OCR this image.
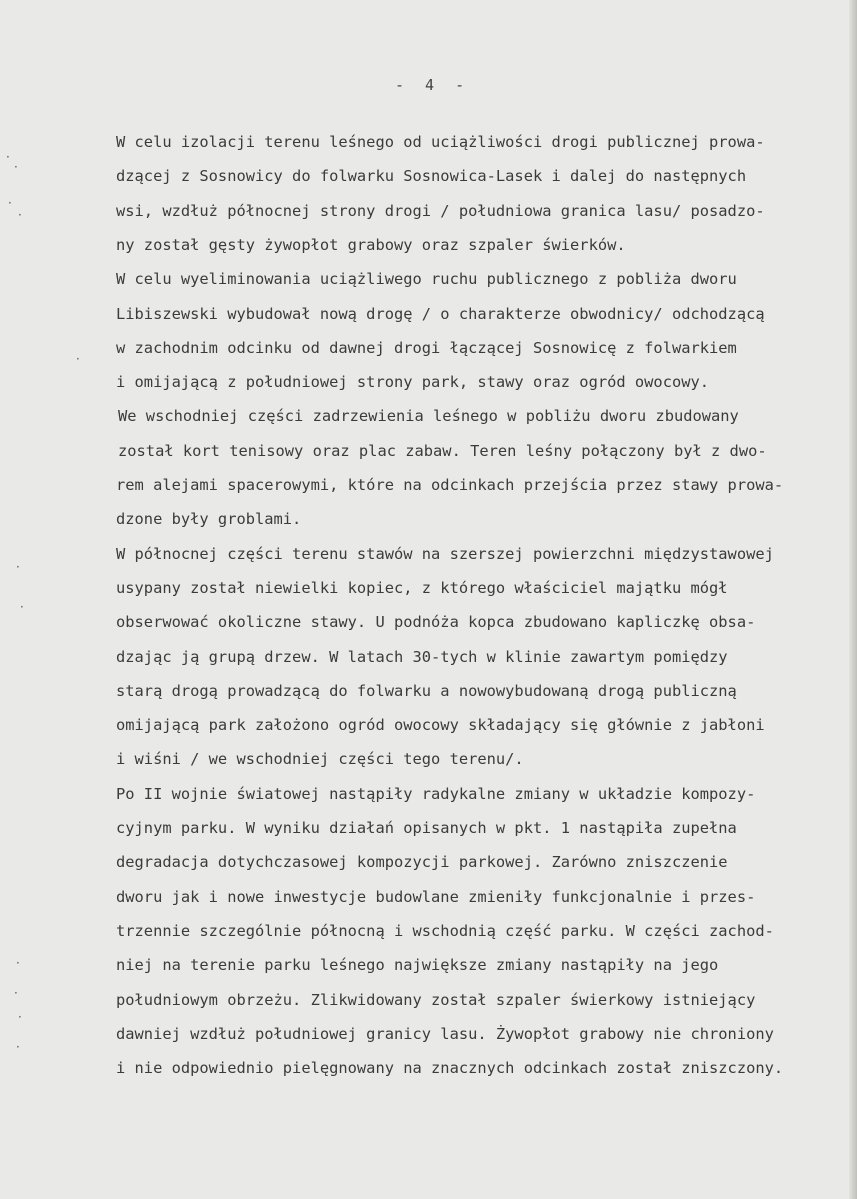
- 4 -
W celu izolacji terenu leśnego od uciążliwości drogi publicznej prowa-
dzącej z Sosnowicy do folwarku Sosnowica-Lasek i dalej do następnych
wsi, wzdłuż północnej strony drogi / południowa granica lasu/ posadzo-
ny został gęsty żywopłot grabowy oraz szpaler świerków.
W celu wyeliminowania uciążliwego ruchu publicznego z pobliża dworu
Libiszewski wybudował nową drogę / o charakterze obwodnicy/ odchodzącą
w zachodnim odcinku od dawnej drogi łączącej Sosnowicę z folwarkiem
i omijającą z południowej strony park, stawy oraz ogród owocowy.
We wschodniej części zadrzewienia leśnego w pobliżu dworu zbudowany
został kort tenisowy oraz plac zabaw. Teren leśny połączony był z dwo-
rem alejami spacerowymi, które na odcinkach przejścia przez stawy prowa-
dzone były groblami.
W północnej części terenu stawów na szerszej powierzchni międzystawowej
usypany został niewielki kopiec, z którego właściciel majątku mógł
obserwować okoliczne stawy. U podnóża kopca zbudowano kapliczkę obsa-
dzając ją grupą drzew. W latach 30-tych w klinie zawartym pomiędzy
starą drogą prowadzącą do folwarku a nowowybudowaną drogą publiczną
omijającą park założono ogród owocowy składający się głównie z jabłoni
i wiśni / we wschodniej części tego terenu/.
Po II wojnie światowej nastąpiły radykalne zmiany w układzie kompozy-
cyjnym parku. W wyniku działań opisanych w pkt. 1 nastąpiła zupełna
degradacja dotychczasowej kompozycji parkowej. Zarówno zniszczenie
dworu jak i nowe inwestycje budowlane zmieniły funkcjonalnie i przes-
trzennie szczególnie północną i wschodnią część parku. W części zachod-
niej na terenie parku leśnego największe zmiany nastąpiły na jego
południowym obrzeżu. Zlikwidowany został szpaler świerkowy istniejący
dawniej wzdłuż południowej granicy lasu. Żywopłot grabowy nie chroniony
i nie odpowiednio pielęgnowany na znacznych odcinkach został zniszczony.
·
·
·
·
·
·
·
·
·
·
·
